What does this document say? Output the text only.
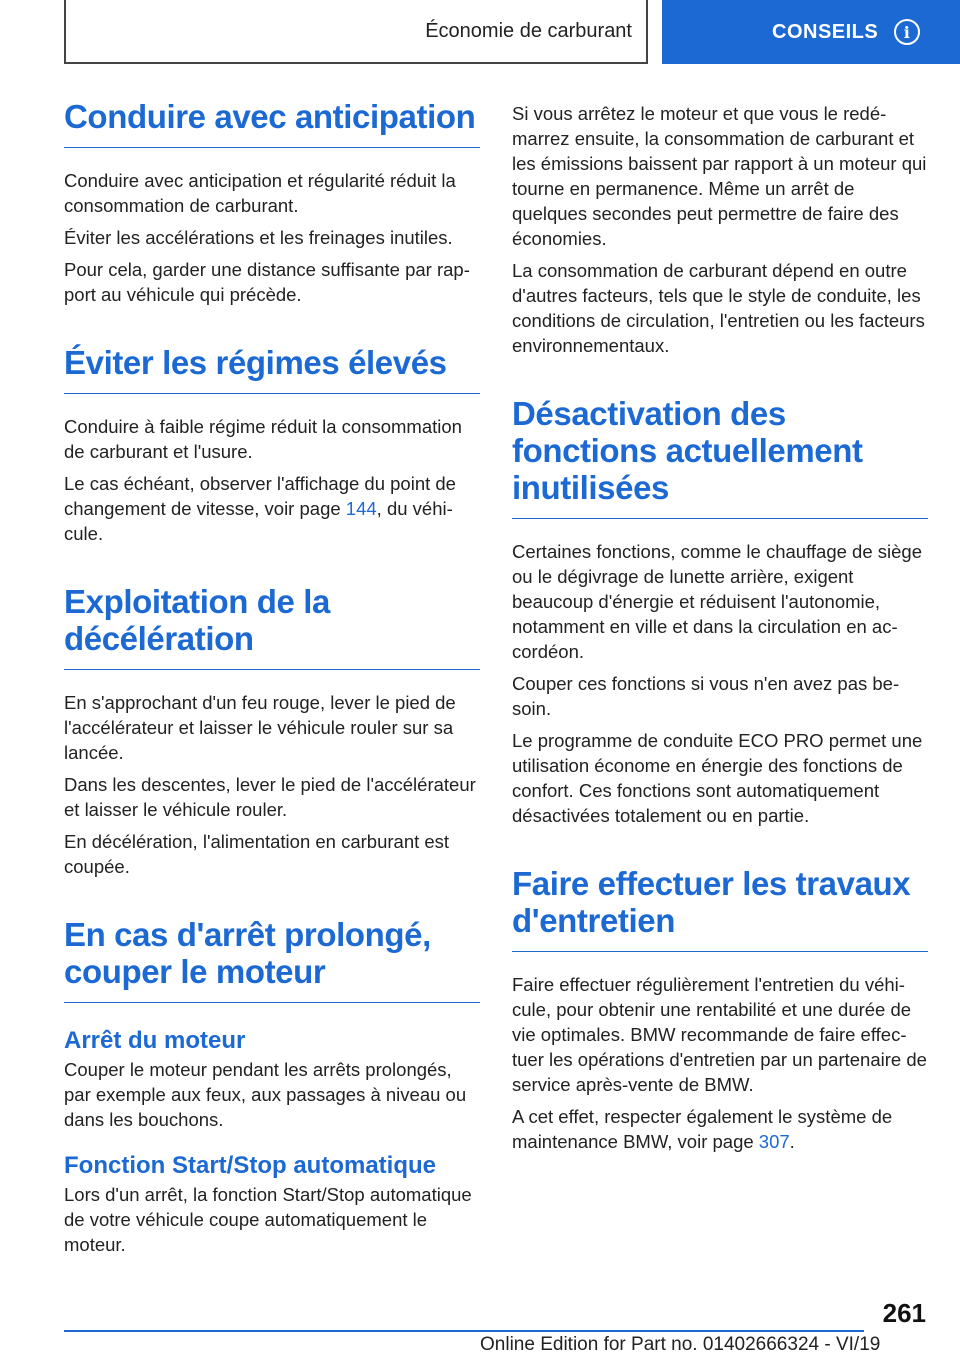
Économie de carburant	CONSEILS	i
Conduire avec anticipation

Conduire avec anticipation et régularité réduit la consommation de carburant.

Éviter les accélérations et les freinages inutiles.

Pour cela, garder une distance suffisante par rapport au véhicule qui précède.

Éviter les régimes élevés

Conduire à faible régime réduit la consommation de carburant et l'usure.

Le cas échéant, observer l'affichage du point de changement de vitesse, voir page 144, du véhicule.

Exploitation de la décélération

En s'approchant d'un feu rouge, lever le pied de l'accélérateur et laisser le véhicule rouler sur sa lancée.

Dans les descentes, lever le pied de l'accélérateur et laisser le véhicule rouler.

En décélération, l'alimentation en carburant est coupée.

En cas d'arrêt prolongé, couper le moteur
Arrêt du moteur

Couper le moteur pendant les arrêts prolongés, par exemple aux feux, aux passages à niveau ou dans les bouchons.

Fonction Start/Stop automatique

Lors d'un arrêt, la fonction Start/Stop automatique de votre véhicule coupe automatiquement le moteur.

Si vous arrêtez le moteur et que vous le redémarrez ensuite, la consommation de carburant et les émissions baissent par rapport à un moteur qui tourne en permanence. Même un arrêt de quelques secondes peut permettre de faire des économies.

La consommation de carburant dépend en outre d'autres facteurs, tels que le style de conduite, les conditions de circulation, l'entretien ou les facteurs environnementaux.

Désactivation des fonctions actuellement inutilisées

Certaines fonctions, comme le chauffage de siège ou le dégivrage de lunette arrière, exigent beaucoup d'énergie et réduisent l'autonomie, notamment en ville et dans la circulation en accordéon.

Couper ces fonctions si vous n'en avez pas besoin.

Le programme de conduite ECO PRO permet une utilisation économe en énergie des fonctions de confort. Ces fonctions sont automatiquement désactivées totalement ou en partie.

Faire effectuer les travaux d'entretien

Faire effectuer régulièrement l'entretien du véhicule, pour obtenir une rentabilité et une durée de vie optimales. BMW recommande de faire effectuer les opérations d'entretien par un partenaire de service après-vente de BMW.

A cet effet, respecter également le système de maintenance BMW, voir page 307.

261
Online Edition for Part no. 01402666324 - VI/19
